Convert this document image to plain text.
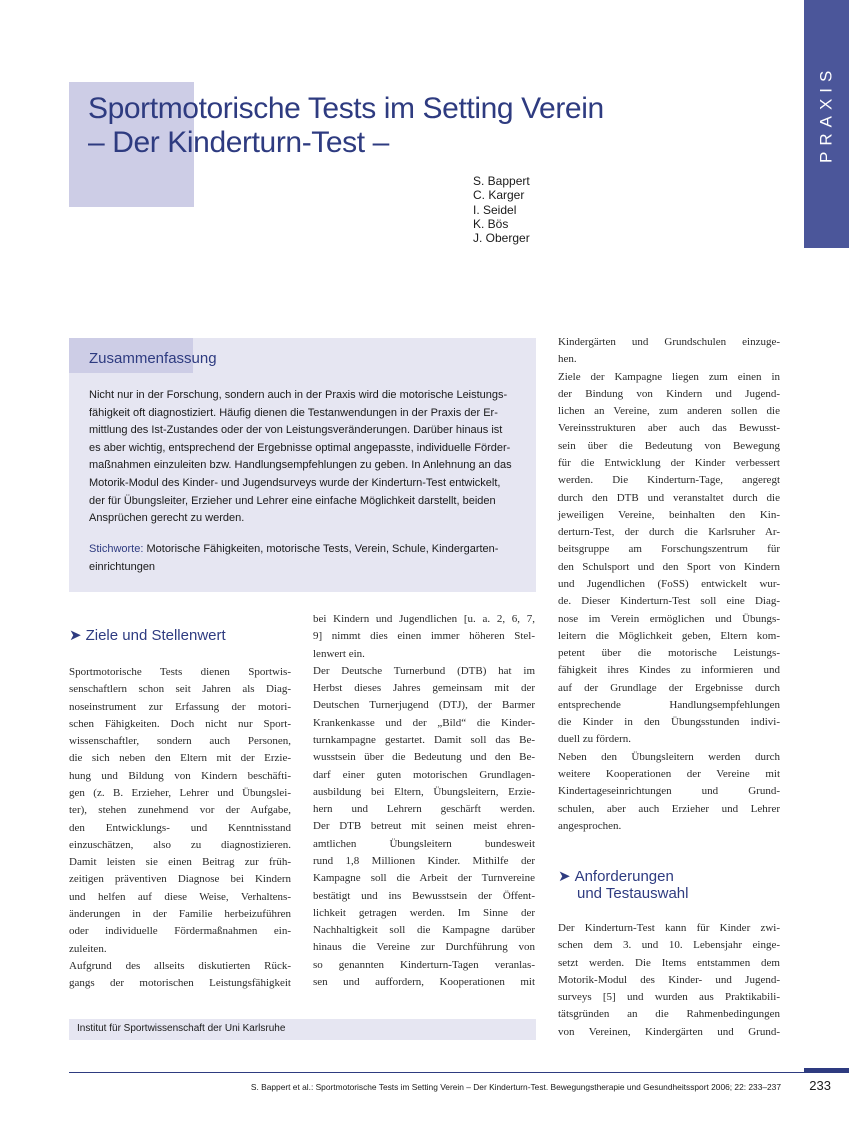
PRAXIS
Sportmotorische Tests im Setting Verein
– Der Kinderturn-Test –
S. Bappert
C. Karger
I. Seidel
K. Bös
J. Oberger
Zusammenfassung
Nicht nur in der Forschung, sondern auch in der Praxis wird die motorische Leistungs-
fähigkeit oft diagnostiziert. Häufig dienen die Testanwendungen in der Praxis der Er-
mittlung des Ist-Zustandes oder der von Leistungsveränderungen. Darüber hinaus ist
es aber wichtig, entsprechend der Ergebnisse optimal angepasste, individuelle Förder-
maßnahmen einzuleiten bzw. Handlungsempfehlungen zu geben. In Anlehnung an das
Motorik-Modul des Kinder- und Jugendsurveys wurde der Kinderturn-Test entwickelt,
der für Übungsleiter, Erzieher und Lehrer eine einfache Möglichkeit darstellt, beiden
Ansprüchen gerecht zu werden.
Stichworte: Motorische Fähigkeiten, motorische Tests, Verein, Schule, Kindergarten-
einrichtungen
➤ Ziele und Stellenwert
Sportmotorische Tests dienen Sportwis-
senschaftlern schon seit Jahren als Diag-
noseinstrument zur Erfassung der motori-
schen Fähigkeiten. Doch nicht nur Sport-
wissenschaftler, sondern auch Personen,
die sich neben den Eltern mit der Erzie-
hung und Bildung von Kindern beschäfti-
gen (z. B. Erzieher, Lehrer und Übungslei-
ter), stehen zunehmend vor der Aufgabe,
den Entwicklungs- und Kenntnisstand
einzuschätzen, also zu diagnostizieren.
Damit leisten sie einen Beitrag zur früh-
zeitigen präventiven Diagnose bei Kindern
und helfen auf diese Weise, Verhaltens-
änderungen in der Familie herbeizuführen
oder individuelle Fördermaßnahmen ein-
zuleiten.
Aufgrund des allseits diskutierten Rück-
gangs der motorischen Leistungsfähigkeit
bei Kindern und Jugendlichen [u. a. 2, 6, 7,
9] nimmt dies einen immer höheren Stel-
lenwert ein.
Der Deutsche Turnerbund (DTB) hat im
Herbst dieses Jahres gemeinsam mit der
Deutschen Turnerjugend (DTJ), der Barmer
Krankenkasse und der „Bild“ die Kinder-
turnkampagne gestartet. Damit soll das Be-
wusstsein über die Bedeutung und den Be-
darf einer guten motorischen Grundlagen-
ausbildung bei Eltern, Übungsleitern, Erzie-
hern und Lehrern geschärft werden.
Der DTB betreut mit seinen meist ehren-
amtlichen Übungsleitern bundesweit
rund 1,8 Millionen Kinder. Mithilfe der
Kampagne soll die Arbeit der Turnvereine
bestätigt und ins Bewusstsein der Öffent-
lichkeit getragen werden. Im Sinne der
Nachhaltigkeit soll die Kampagne darüber
hinaus die Vereine zur Durchführung von
so genannten Kinderturn-Tagen veranlas-
sen und auffordern, Kooperationen mit
Kindergärten und Grundschulen einzuge-
hen.
Ziele der Kampagne liegen zum einen in
der Bindung von Kindern und Jugend-
lichen an Vereine, zum anderen sollen die
Vereinsstrukturen aber auch das Bewusst-
sein über die Bedeutung von Bewegung
für die Entwicklung der Kinder verbessert
werden. Die Kinderturn-Tage, angeregt
durch den DTB und veranstaltet durch die
jeweiligen Vereine, beinhalten den Kin-
derturn-Test, der durch die Karlsruher Ar-
beitsgruppe am Forschungszentrum für
den Schulsport und den Sport von Kindern
und Jugendlichen (FoSS) entwickelt wur-
de. Dieser Kinderturn-Test soll eine Diag-
nose im Verein ermöglichen und Übungs-
leitern die Möglichkeit geben, Eltern kom-
petent über die motorische Leistungs-
fähigkeit ihres Kindes zu informieren und
auf der Grundlage der Ergebnisse durch
entsprechende Handlungsempfehlungen
die Kinder in den Übungsstunden indivi-
duell zu fördern.
Neben den Übungsleitern werden durch
weitere Kooperationen der Vereine mit
Kindertageseinrichtungen und Grund-
schulen, aber auch Erzieher und Lehrer
angesprochen.
➤ Anforderungen
und Testauswahl
Der Kinderturn-Test kann für Kinder zwi-
schen dem 3. und 10. Lebensjahr einge-
setzt werden. Die Items entstammen dem
Motorik-Modul des Kinder- und Jugend-
surveys [5] und wurden aus Praktikabili-
tätsgründen an die Rahmenbedingungen
von Vereinen, Kindergärten und Grund-
Institut für Sportwissenschaft der Uni Karlsruhe
S. Bappert et al.: Sportmotorische Tests im Setting Verein – Der Kinderturn-Test. Bewegungstherapie und Gesundheitssport 2006; 22: 233–237	233
